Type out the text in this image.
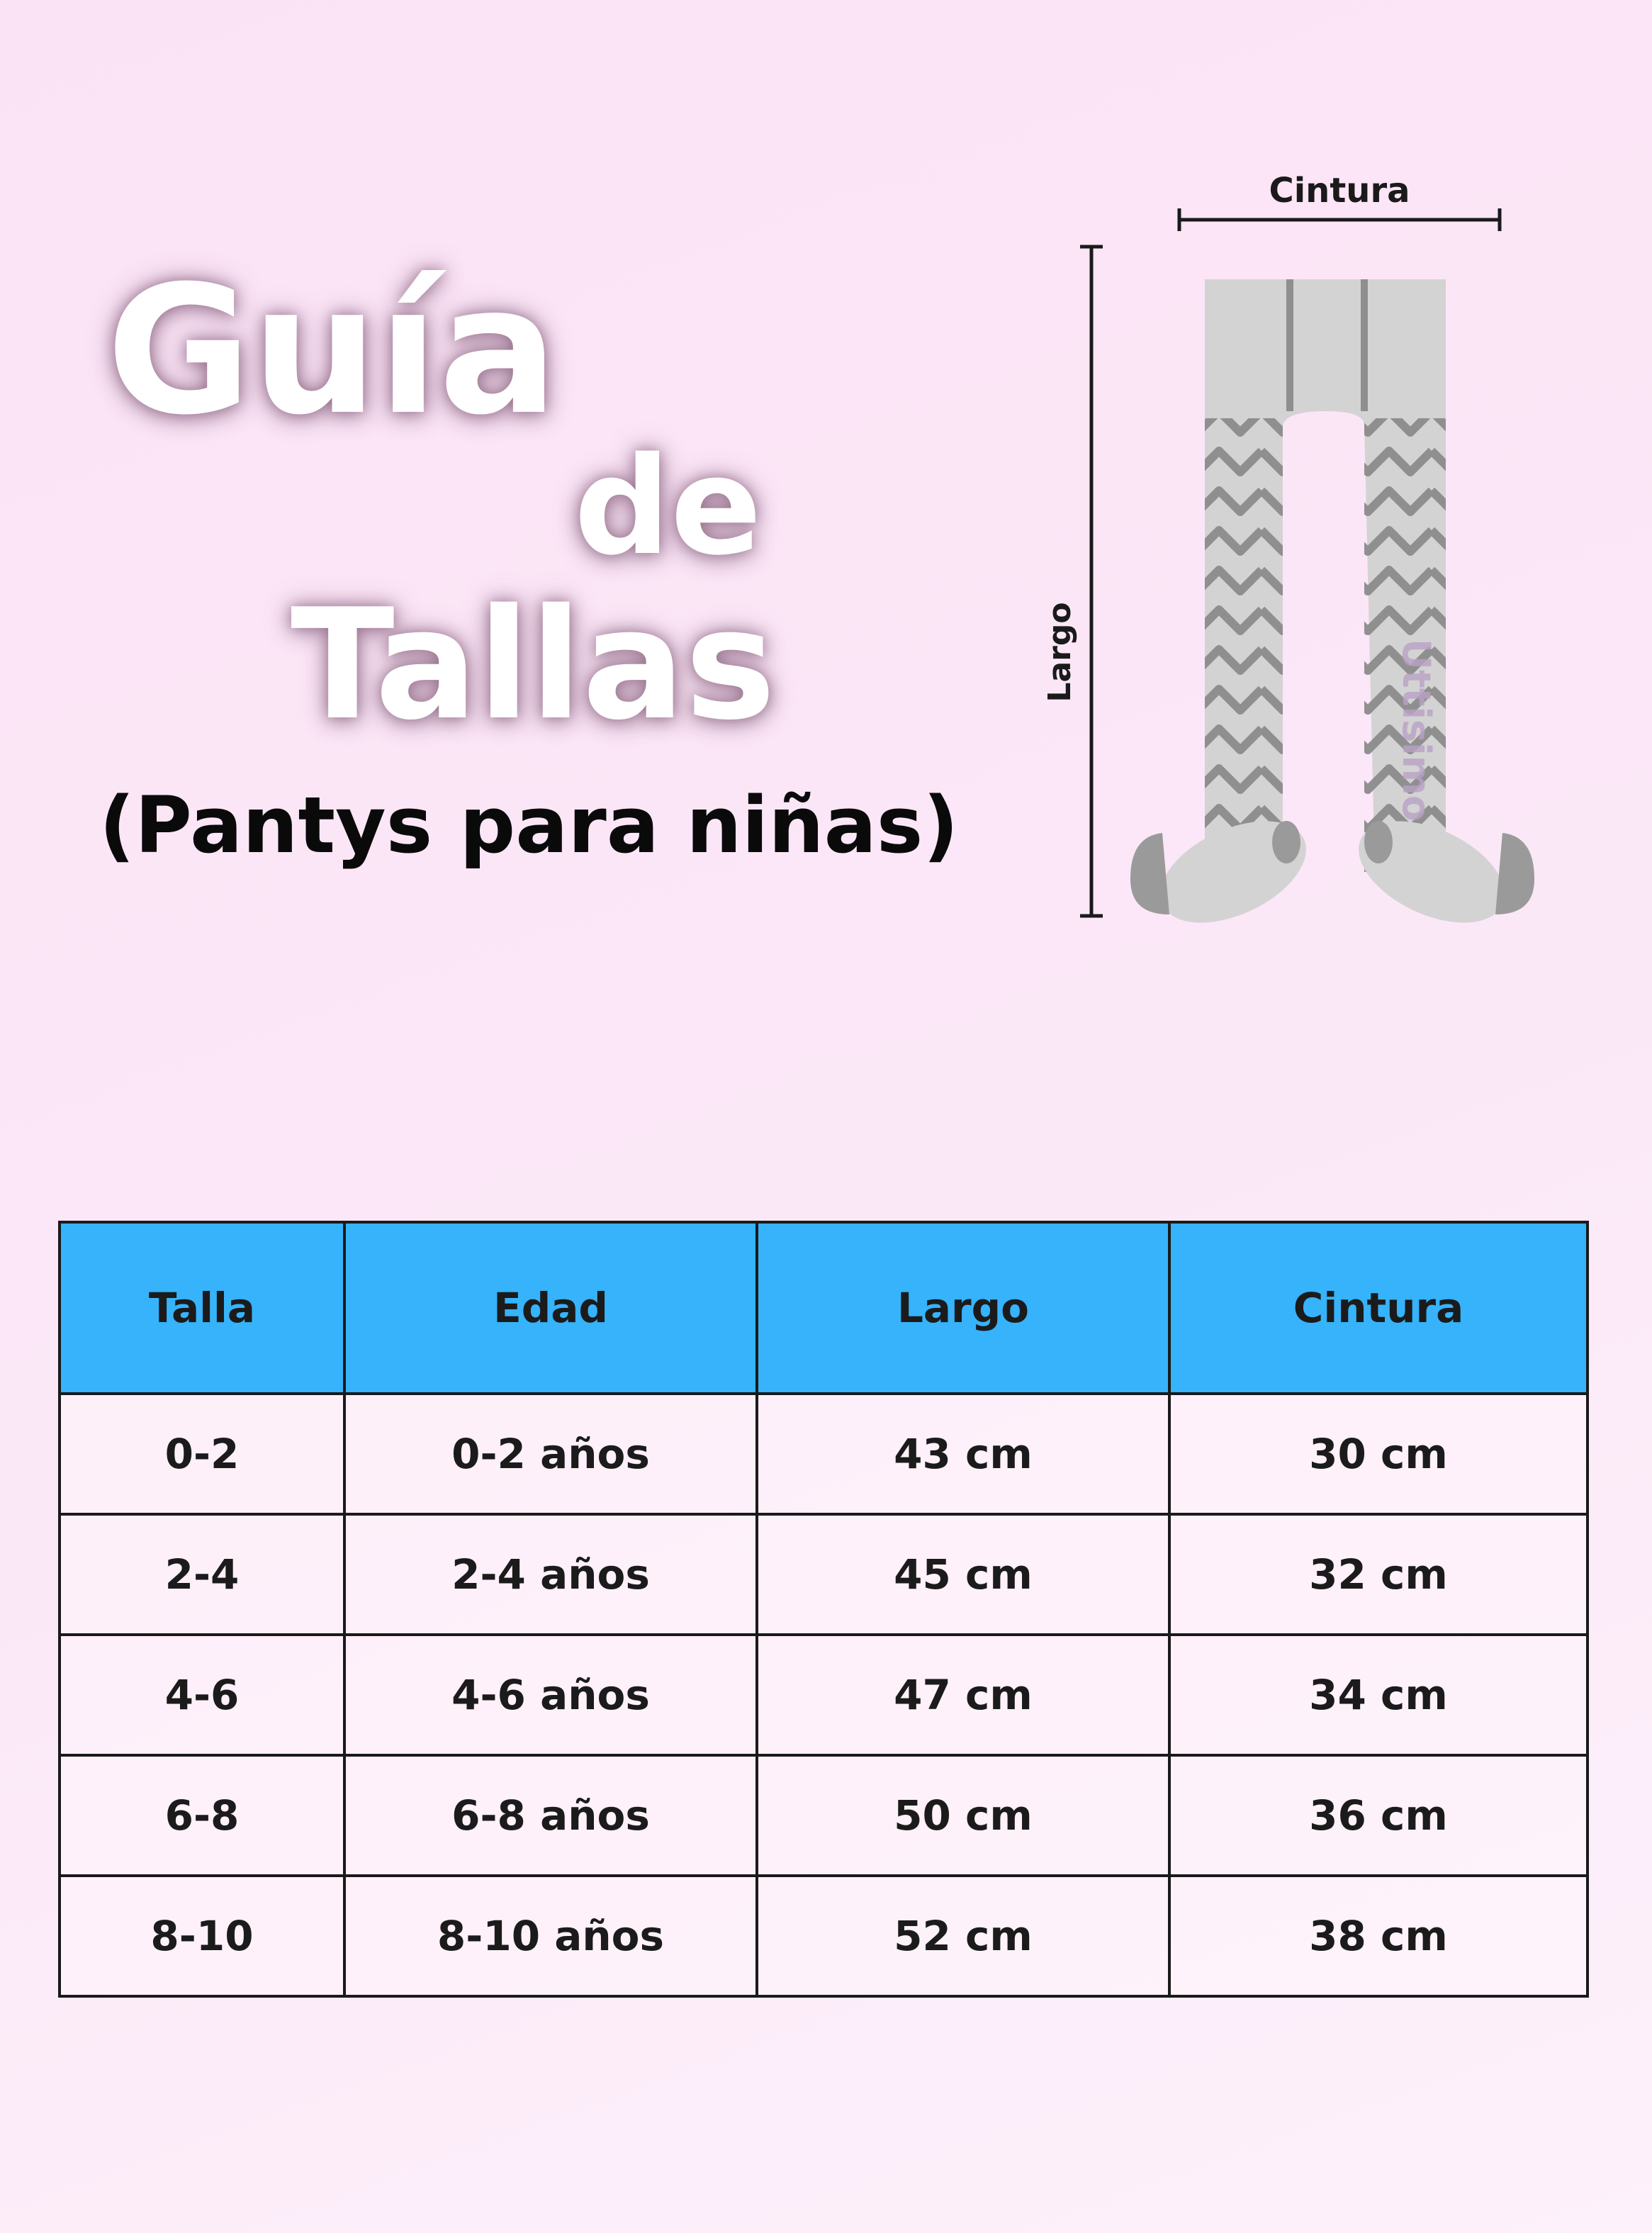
Guía
de
Tallas
(Pantys para niñas)
Cintura
Largo	Uttisimo
Talla	Edad	Largo	Cintura
0-2	0-2 años	43 cm	30 cm
2-4	2-4 años	45 cm	32 cm
4-6	4-6 años	47 cm	34 cm
6-8	6-8 años	50 cm	36 cm
8-10	8-10 años	52 cm	38 cm
